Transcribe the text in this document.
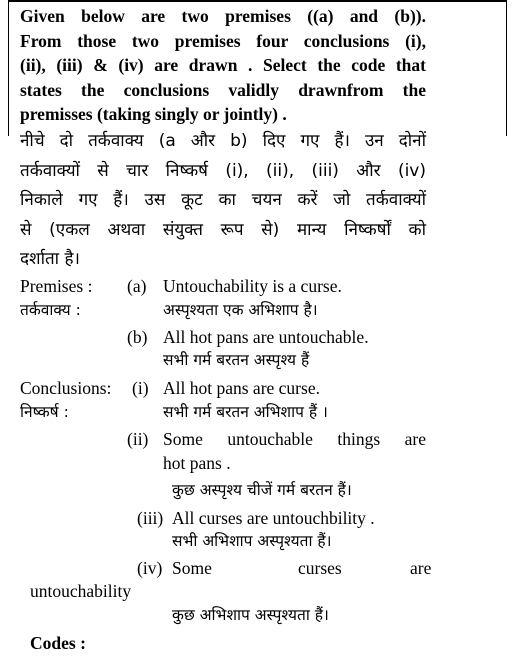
Given below are two premises ((a) and (b)).
From those two premises four conclusions (i),
(ii), (iii) & (iv) are drawn . Select the code that
states the conclusions validly drawnfrom the
premisses (taking singly or jointly) .
नीचे दो तर्कवाक्य (a और b) दिए गए हैं। उन दोनों
तर्कवाक्यों से चार निष्कर्ष (i), (ii), (iii) और (iv)
निकाले गए हैं। उस कूट का चयन करें जो तर्कवाक्यों
से (एकल अथवा संयुक्त रूप से) मान्य निष्कर्षों को
दर्शाता है।
Premises : (a) Untouchability is a curse.
तर्कवाक्य :	अस्पृश्यता एक अभिशाप है।
(b) All hot pans are untouchable.
सभी गर्म बरतन अस्पृश्य हैं
Conclusions: (i) All hot pans are curse.
निष्कर्ष :	सभी गर्म बरतन अभिशाप हैं ।
(ii) Some untouchable things are
hot pans .
कुछ अस्पृश्य चीजें गर्म बरतन हैं।
(iii) All curses are untouchbility .
सभी अभिशाप अस्पृश्यता हैं।
(iv) Some	curses	are
untouchability
कुछ अभिशाप अस्पृश्यता हैं।
Codes :
